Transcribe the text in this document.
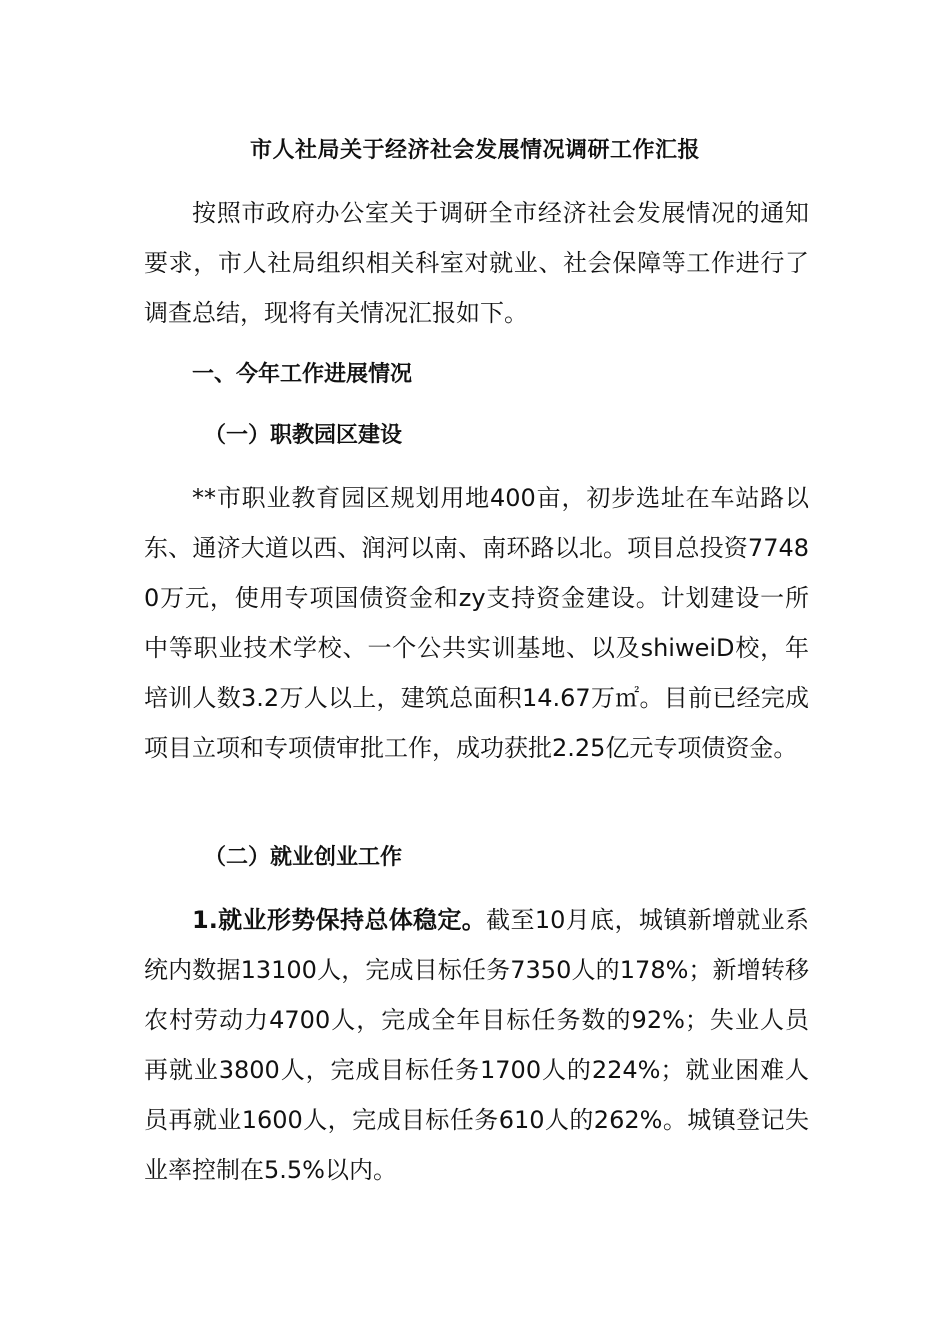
市人社局关于经济社会发展情况调研工作汇报

按照市政府办公室关于调研全市经济社会发展情况的通知要求，市人社局组织相关科室对就业、社会保障等工作进行了调查总结，现将有关情况汇报如下。

一、今年工作进展情况

（一）职教园区建设

**市职业教育园区规划用地400亩，初步选址在车站路以东、通济大道以西、润河以南、南环路以北。项目总投资77480万元，使用专项国债资金和zy支持资金建设。计划建设一所中等职业技术学校、一个公共实训基地、以及shiweiD校，年培训人数3.2万人以上，建筑总面积14.67万㎡。目前已经完成项目立项和专项债审批工作，成功获批2.25亿元专项债资金。

（二）就业创业工作

1.就业形势保持总体稳定。截至10月底，城镇新增就业系统内数据13100人，完成目标任务7350人的178%；新增转移农村劳动力4700人，完成全年目标任务数的92%；失业人员再就业3800人，完成目标任务1700人的224%；就业困难人员再就业1600人，完成目标任务610人的262%。城镇登记失业率控制在5.5%以内。
